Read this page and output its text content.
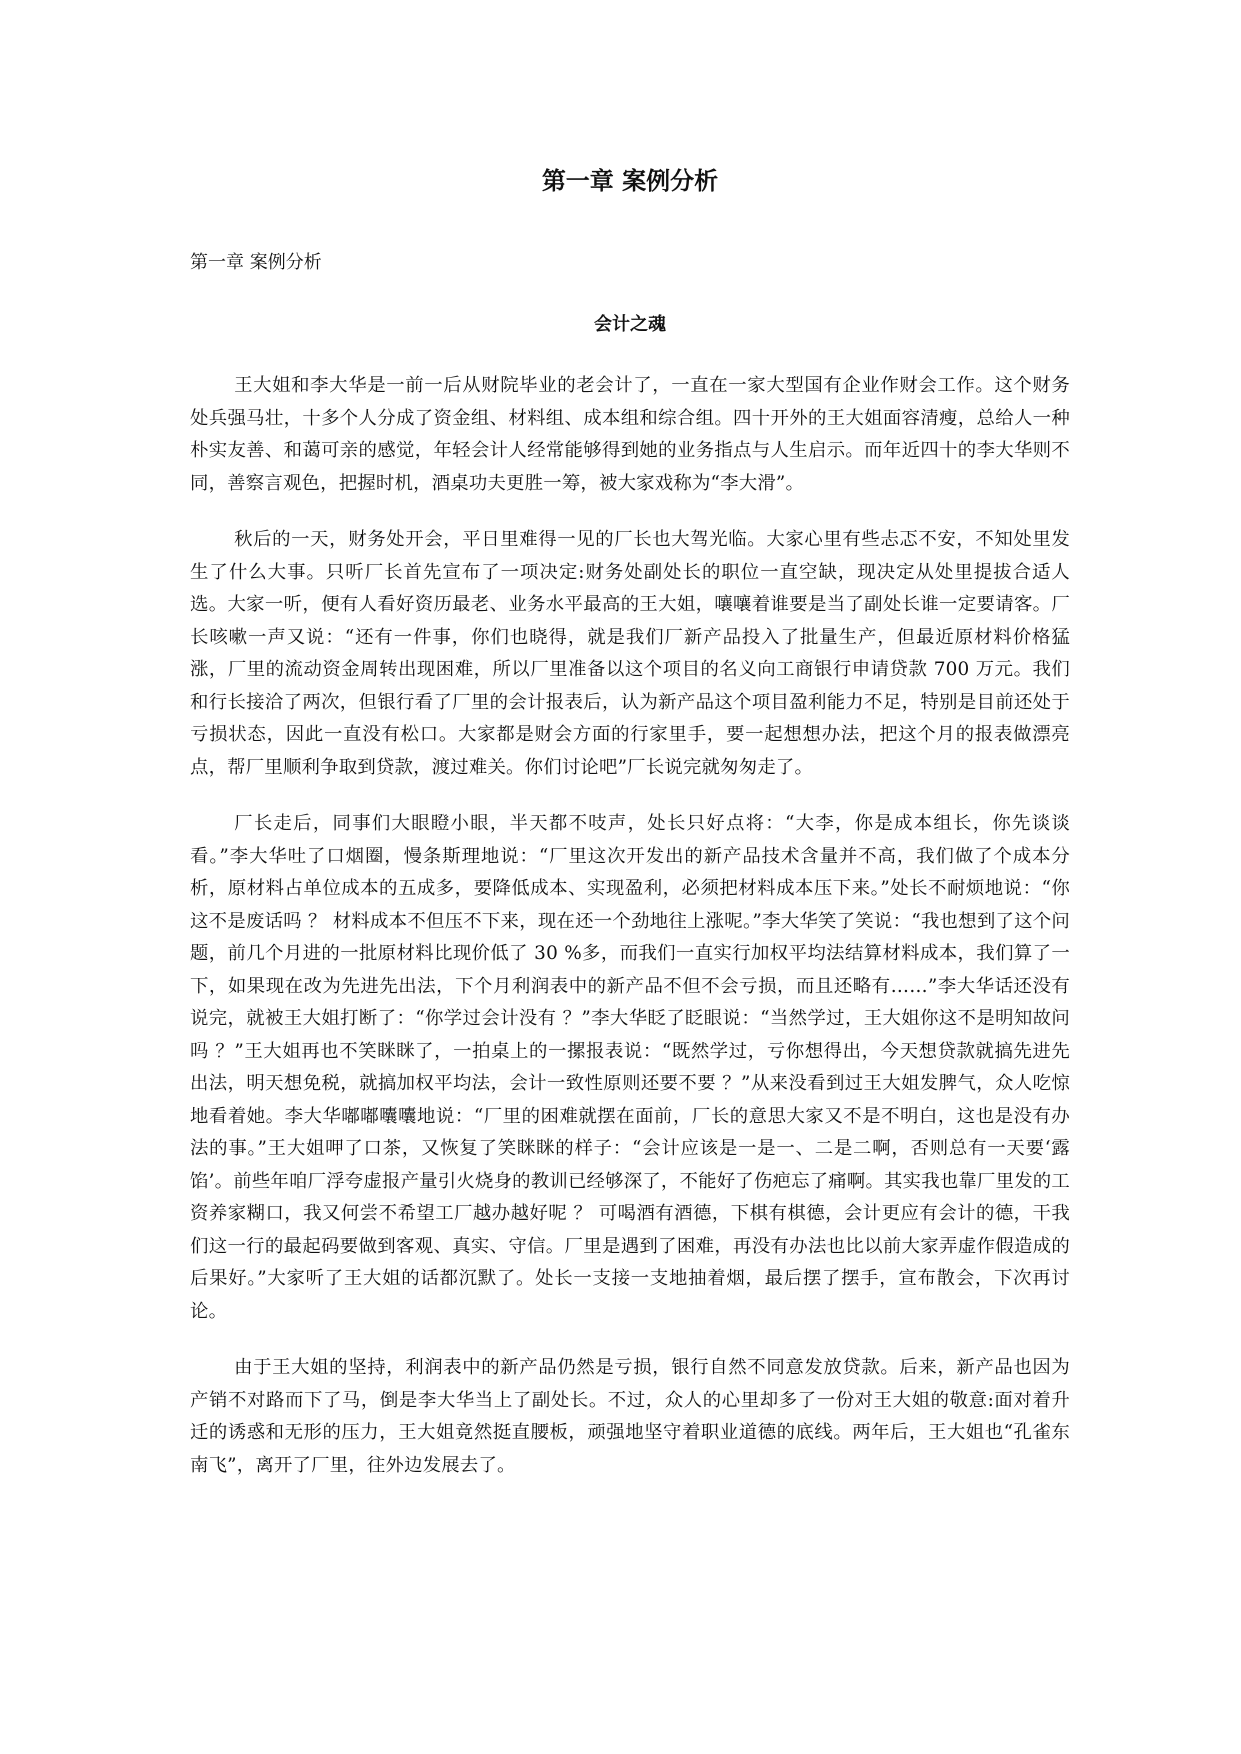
第一章 案例分析

第一章 案例分析

会计之魂

王大姐和李大华是一前一后从财院毕业的老会计了，一直在一家大型国有企业作财会工作。这个财务处兵强马壮，十多个人分成了资金组、材料组、成本组和综合组。四十开外的王大姐面容清瘦，总给人一种朴实友善、和蔼可亲的感觉，年轻会计人经常能够得到她的业务指点与人生启示。而年近四十的李大华则不同，善察言观色，把握时机，酒桌功夫更胜一筹，被大家戏称为“李大滑”。

秋后的一天，财务处开会，平日里难得一见的厂长也大驾光临。大家心里有些忐忑不安，不知处里发生了什么大事。只听厂长首先宣布了一项决定:财务处副处长的职位一直空缺，现决定从处里提拔合适人选。大家一听，便有人看好资历最老、业务水平最高的王大姐，嚷嚷着谁要是当了副处长谁一定要请客。厂长咳嗽一声又说：“还有一件事，你们也晓得，就是我们厂新产品投入了批量生产，但最近原材料价格猛涨，厂里的流动资金周转出现困难，所以厂里准备以这个项目的名义向工商银行申请贷款 700 万元。我们和行长接洽了两次，但银行看了厂里的会计报表后，认为新产品这个项目盈利能力不足，特别是目前还处于亏损状态，因此一直没有松口。大家都是财会方面的行家里手，要一起想想办法，把这个月的报表做漂亮点，帮厂里顺利争取到贷款，渡过难关。你们讨论吧”厂长说完就匆匆走了。

厂长走后，同事们大眼瞪小眼，半天都不吱声，处长只好点将：“大李，你是成本组长，你先谈谈看。”李大华吐了口烟圈，慢条斯理地说：“厂里这次开发出的新产品技术含量并不高，我们做了个成本分析，原材料占单位成本的五成多，要降低成本、实现盈利，必须把材料成本压下来。”处长不耐烦地说：“你这不是废话吗 ？ 材料成本不但压不下来，现在还一个劲地往上涨呢。”李大华笑了笑说：“我也想到了这个问题，前几个月进的一批原材料比现价低了 30 %多，而我们一直实行加权平均法结算材料成本，我们算了一下，如果现在改为先进先出法，下个月利润表中的新产品不但不会亏损，而且还略有……”李大华话还没有说完，就被王大姐打断了：“你学过会计没有 ？”李大华眨了眨眼说：“当然学过，王大姐你这不是明知故问吗 ？”王大姐再也不笑眯眯了，一拍桌上的一摞报表说：“既然学过，亏你想得出，今天想贷款就搞先进先出法，明天想免税，就搞加权平均法，会计一致性原则还要不要 ？”从来没看到过王大姐发脾气，众人吃惊地看着她。李大华嘟嘟囔囔地说：“厂里的困难就摆在面前，厂长的意思大家又不是不明白，这也是没有办法的事。”王大姐呷了口茶，又恢复了笑眯眯的样子：“会计应该是一是一、二是二啊，否则总有一天要‘露馅’。前些年咱厂浮夸虚报产量引火烧身的教训已经够深了，不能好了伤疤忘了痛啊。其实我也靠厂里发的工资养家糊口，我又何尝不希望工厂越办越好呢 ？ 可喝酒有酒德，下棋有棋德，会计更应有会计的德，干我们这一行的最起码要做到客观、真实、守信。厂里是遇到了困难，再没有办法也比以前大家弄虚作假造成的后果好。”大家听了王大姐的话都沉默了。处长一支接一支地抽着烟，最后摆了摆手，宣布散会，下次再讨论。

由于王大姐的坚持，利润表中的新产品仍然是亏损，银行自然不同意发放贷款。后来，新产品也因为产销不对路而下了马，倒是李大华当上了副处长。不过，众人的心里却多了一份对王大姐的敬意:面对着升迁的诱惑和无形的压力，王大姐竟然挺直腰板，顽强地坚守着职业道德的底线。两年后，王大姐也“孔雀东南飞”，离开了厂里，往外边发展去了。
